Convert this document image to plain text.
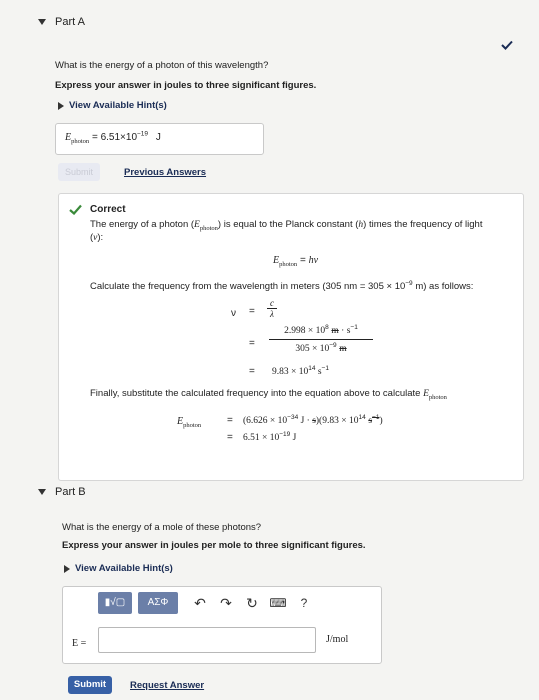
Part A
What is the energy of a photon of this wavelength?
Express your answer in joules to three significant figures.
View Available Hint(s)
$E_{photon} = 6.51\times 10^{-19}$ J
Submit	Previous Answers
Correct
The energy of a photon $(E_{photon})$ is equal to the Planck constant (h) times the frequency of light
(ν):
$E_{photon} = h\nu$
Calculate the frequency from the wavelength in meters (305 nm = $305 \times 10^{-9}$ m) as follows:
$\nu = \frac{c}{\lambda}$
= $\frac{2.998 \times 10^8 m \cdot s^{-1}}{305 \times 10^{-9} m}$
= $9.83 \times 10^{14}$ $s^{-1}$
Finally, substitute the calculated frequency into the equation above to calculate $E_{photon}$
$E_{photon}$	= ($6.626 \times 10^{-34}$ $J \cdot s)(9.83 \times 10^{14}$ $s^{-1}$)
= $6.51 \times 10^{-19}$ J
Part B
What is the energy of a mole of these photons?
Express your answer in joules per mole to three significant figures.
View Available Hint(s)
▮√▢	ΑΣΦ	↶ ↷ ↻ ⌨	?
E =	J/mol
Submit	Request Answer
